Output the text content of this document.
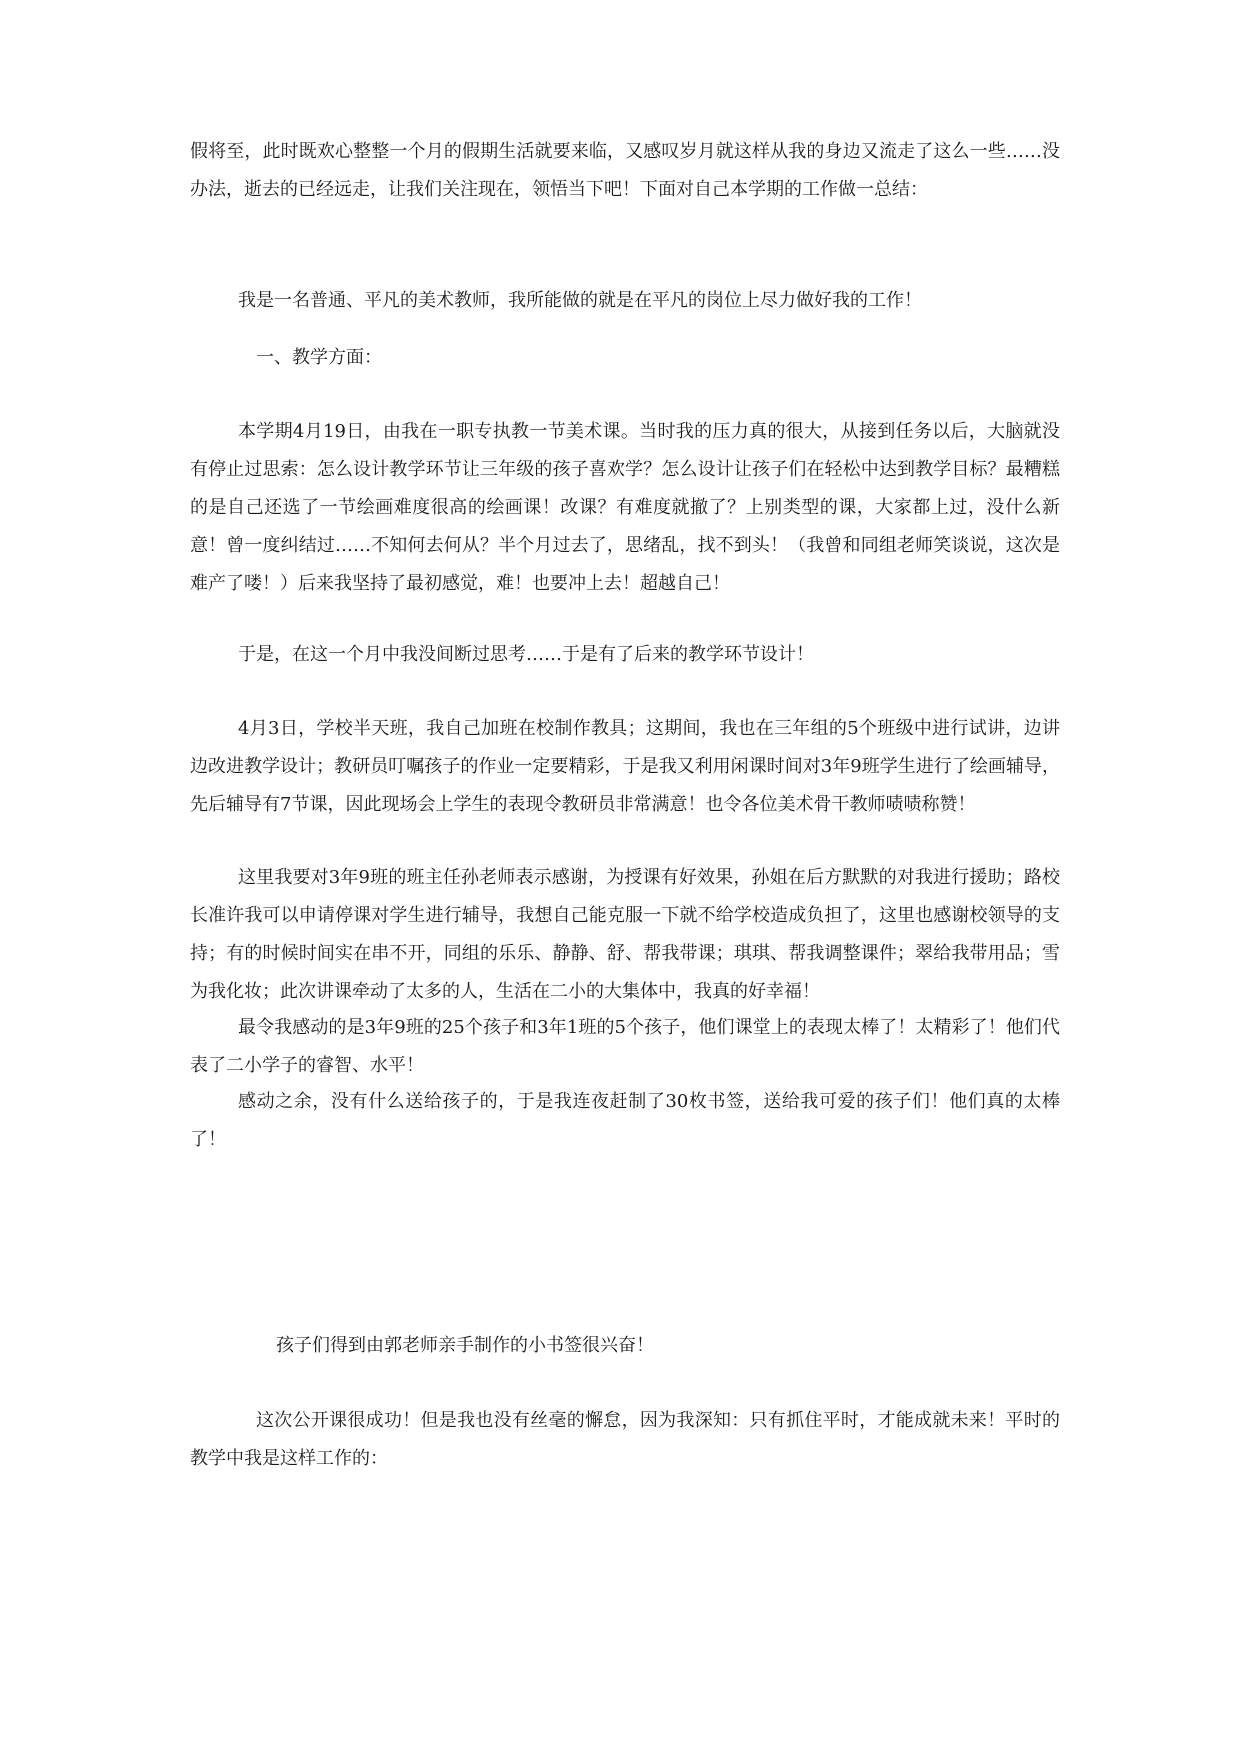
假将至，此时既欢心整整一个月的假期生活就要来临，又感叹岁月就这样从我的身边又流走了这么一些……没办法，逝去的已经远走，让我们关注现在，领悟当下吧！下面对自己本学期的工作做一总结：

我是一名普通、平凡的美术教师，我所能做的就是在平凡的岗位上尽力做好我的工作！

一、教学方面：

本学期4月19日，由我在一职专执教一节美术课。当时我的压力真的很大，从接到任务以后，大脑就没有停止过思索：怎么设计教学环节让三年级的孩子喜欢学？怎么设计让孩子们在轻松中达到教学目标？最糟糕的是自己还选了一节绘画难度很高的绘画课！改课？有难度就撤了？上别类型的课，大家都上过，没什么新意！曾一度纠结过……不知何去何从？半个月过去了，思绪乱，找不到头！（我曾和同组老师笑谈说，这次是难产了喽！）后来我坚持了最初感觉，难！也要冲上去！超越自己！

于是，在这一个月中我没间断过思考……于是有了后来的教学环节设计！

4月3日，学校半天班，我自己加班在校制作教具；这期间，我也在三年组的5个班级中进行试讲，边讲边改进教学设计；教研员叮嘱孩子的作业一定要精彩，于是我又利用闲课时间对3年9班学生进行了绘画辅导，先后辅导有7节课，因此现场会上学生的表现令教研员非常满意！也令各位美术骨干教师啧啧称赞！

这里我要对3年9班的班主任孙老师表示感谢，为授课有好效果，孙姐在后方默默的对我进行援助；路校长准许我可以申请停课对学生进行辅导，我想自己能克服一下就不给学校造成负担了，这里也感谢校领导的支持；有的时候时间实在串不开，同组的乐乐、静静、舒、帮我带课；琪琪、帮我调整课件；翠给我带用品；雪为我化妆；此次讲课牵动了太多的人，生活在二小的大集体中，我真的好幸福！

最令我感动的是3年9班的25个孩子和3年1班的5个孩子，他们课堂上的表现太棒了！太精彩了！他们代表了二小学子的睿智、水平！

感动之余，没有什么送给孩子的，于是我连夜赶制了30枚书签，送给我可爱的孩子们！他们真的太棒了！

孩子们得到由郭老师亲手制作的小书签很兴奋！

这次公开课很成功！但是我也没有丝毫的懈怠，因为我深知：只有抓住平时，才能成就未来！平时的教学中我是这样工作的：
